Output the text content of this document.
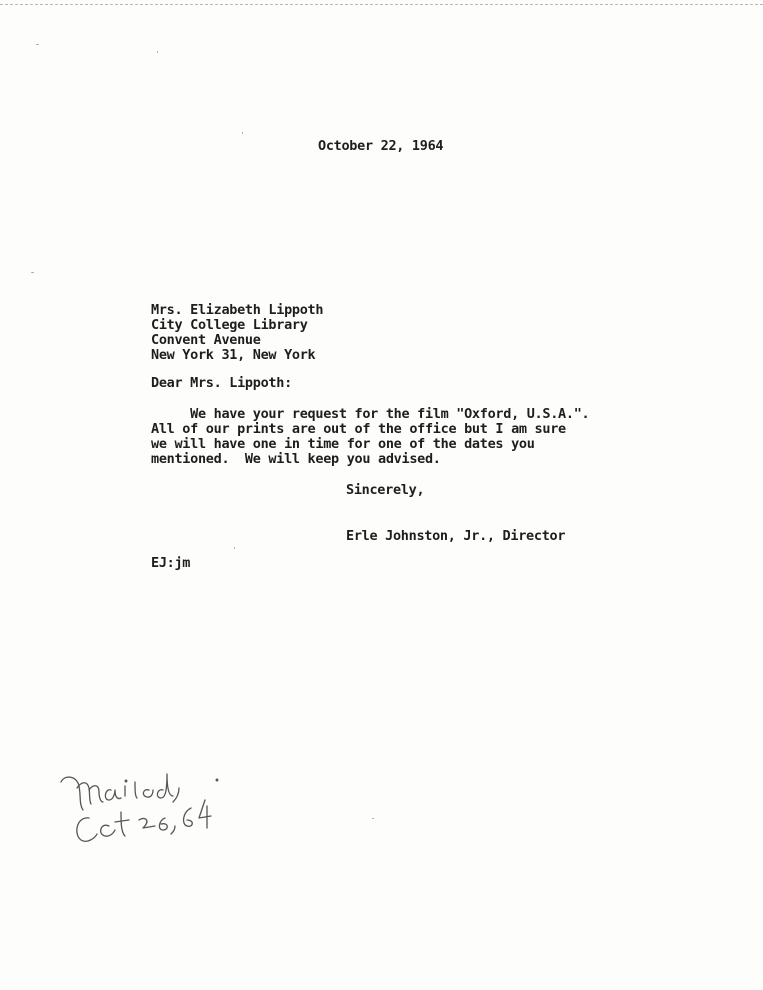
October 22, 1964
Mrs. Elizabeth Lippoth
City College Library
Convent Avenue
New York 31, New York
Dear Mrs. Lippoth:
We have your request for the film "Oxford, U.S.A.".
All of our prints are out of the office but I am sure
we will have one in time for one of the dates you
mentioned.  We will keep you advised.
Sincerely,
Erle Johnston, Jr., Director
EJ:jm
